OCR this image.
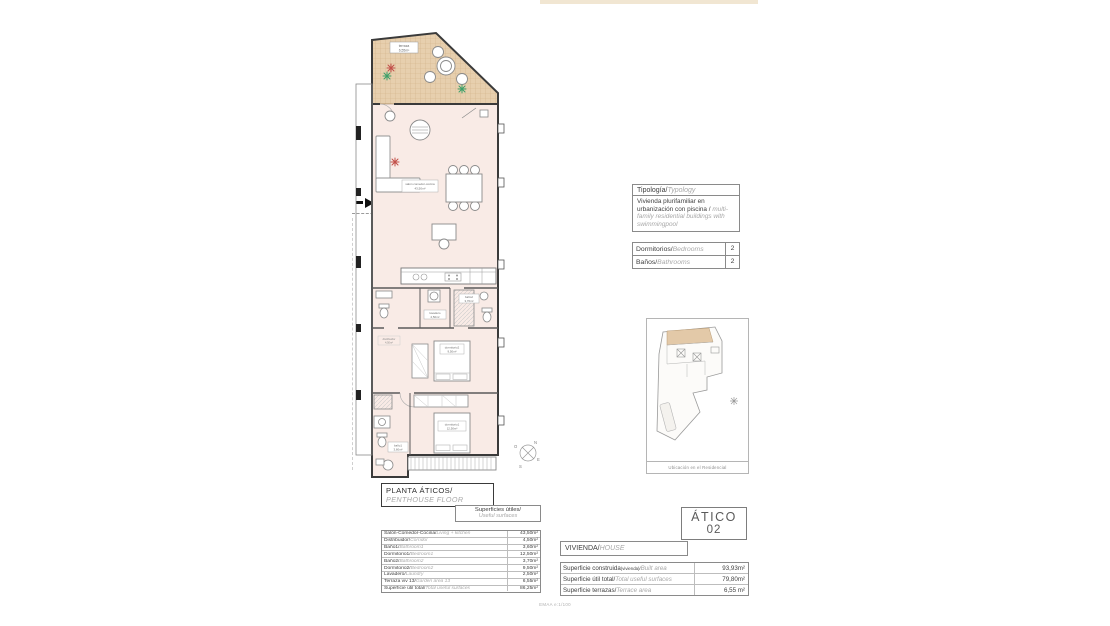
terraza
6,55m²
salón comedor-cocina
43,50m²
lavadero
2,50m²
baño2
3,70m²
distribuidor
4,50m²
dormitorio2
9,50m²
dormitorio1
12,50m²
baño1
3,60m²
N
E
S
O
Tipología/Typology
Vivienda plurifamiliar en urbanización con piscina / multi-family residential buildings with swimmingpool
Dormitorios/Bedrooms	2
Baños/Bathrooms	2
Ubicación en el Residencial
PLANTA ÁTICOS/
PENTHOUSE FLOOR
Superficies útiles/
Useful surfaces
Salón-Comedor-Cocina/Living + kitchen	43,50m²
Distribuidor/Corridor	4,50m²
Baño1/Bathroom1	3,60m²
Dormitorio1/Bedroom1	12,50m²
Baño2/Bathroom2	3,70m²
Dormitorio2/Bedroom2	9,50m²
Lavadero/Laundry	2,50m²
Terraza viv 13/Garden area 13	6,55m²
Superficie útil total/Total useful surfaces	86,25m²
ÁTICO
02
VIVIENDA/ HOUSE
Superficie construida(vivienda)/Built area	93,93m²
Superficie útil total/Total useful surfaces	79,80m²
Superficie terrazas/Terrace area	6,55 m²
EMAA e:1/100
